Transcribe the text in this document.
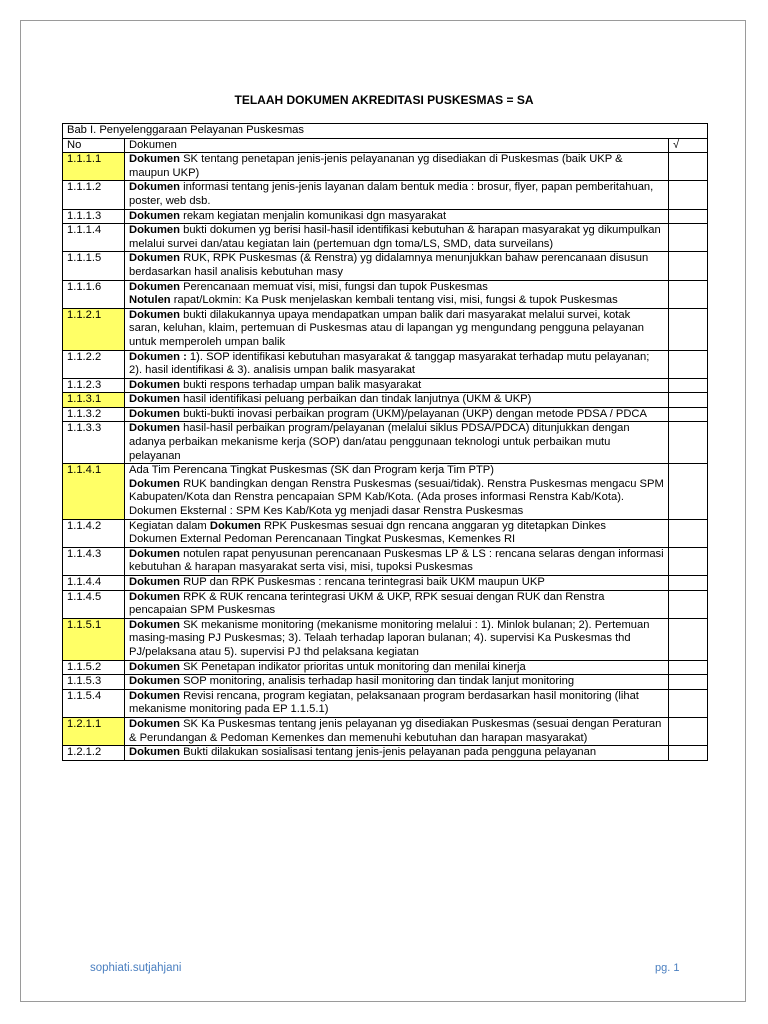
TELAAH DOKUMEN AKREDITASI PUSKESMAS = SA
Bab I. Penyelenggaraan Pelayanan Puskesmas		
No	Dokumen	√
1.1.1.1	Dokumen SK tentang penetapan jenis-jenis pelayananan yg disediakan di Puskesmas (baik UKP & maupun UKP)	

1.1.1.2	Dokumen informasi tentang jenis-jenis layanan dalam bentuk media : brosur, flyer, papan pemberitahuan, poster, web dsb.	

1.1.1.3	Dokumen rekam kegiatan menjalin komunikasi dgn masyarakat	

1.1.1.4	Dokumen bukti dokumen yg berisi hasil-hasil identifikasi kebutuhan & harapan masyarakat yg dikumpulkan melalui survei dan/atau kegiatan lain (pertemuan dgn toma/LS, SMD, data surveilans)	

1.1.1.5	Dokumen RUK, RPK Puskesmas (& Renstra) yg didalamnya menunjukkan bahaw perencanaan disusun berdasarkan hasil analisis kebutuhan masy	

1.1.1.6	Dokumen Perencanaan memuat visi, misi, fungsi dan tupok Puskesmas
Notulen rapat/Lokmin: Ka Pusk menjelaskan kembali tentang visi, misi, fungsi & tupok Puskesmas	

1.1.2.1	Dokumen bukti dilakukannya upaya mendapatkan umpan balik dari masyarakat melalui survei, kotak saran, keluhan, klaim, pertemuan di Puskesmas atau di lapangan yg mengundang pengguna pelayanan untuk memperoleh umpan balik	

1.1.2.2	Dokumen : 1). SOP identifikasi kebutuhan masyarakat & tanggap masyarakat terhadap mutu pelayanan; 2). hasil identifikasi & 3). analisis umpan balik masyarakat	

1.1.2.3	Dokumen bukti respons terhadap umpan balik masyarakat	

1.1.3.1	Dokumen hasil identifikasi peluang perbaikan dan tindak lanjutnya (UKM & UKP)	

1.1.3.2	Dokumen bukti-bukti inovasi perbaikan program (UKM)/pelayanan (UKP) dengan metode PDSA / PDCA	

1.1.3.3	Dokumen hasil-hasil perbaikan program/pelayanan (melalui siklus PDSA/PDCA) ditunjukkan dengan adanya perbaikan mekanisme kerja (SOP) dan/atau penggunaan teknologi untuk perbaikan mutu pelayanan	

1.1.4.1	Ada Tim Perencana Tingkat Puskesmas (SK dan Program kerja Tim PTP)
Dokumen RUK bandingkan dengan Renstra Puskesmas (sesuai/tidak). Renstra Puskesmas mengacu SPM Kabupaten/Kota dan Renstra pencapaian SPM Kab/Kota. (Ada proses informasi Renstra Kab/Kota).
Dokumen Eksternal : SPM Kes Kab/Kota yg menjadi dasar Renstra Puskesmas	

1.1.4.2	Kegiatan dalam Dokumen RPK Puskesmas sesuai dgn rencana anggaran yg ditetapkan Dinkes
Dokumen External Pedoman Perencanaan Tingkat Puskesmas, Kemenkes RI	

1.1.4.3	Dokumen notulen rapat penyusunan perencanaan Puskesmas LP & LS : rencana selaras dengan informasi kebutuhan & harapan masyarakat serta visi, misi, tupoksi Puskesmas	

1.1.4.4	Dokumen RUP dan RPK Puskesmas : rencana terintegrasi baik UKM maupun UKP	

1.1.4.5	Dokumen RPK & RUK rencana terintegrasi UKM & UKP, RPK sesuai dengan RUK dan Renstra pencapaian SPM Puskesmas	

1.1.5.1	Dokumen SK mekanisme monitoring (mekanisme monitoring melalui : 1). Minlok bulanan; 2). Pertemuan masing-masing PJ Puskesmas; 3). Telaah terhadap laporan bulanan; 4). supervisi Ka Puskesmas thd PJ/pelaksana atau 5). supervisi PJ thd pelaksana kegiatan	

1.1.5.2	Dokumen SK Penetapan indikator prioritas untuk monitoring dan menilai kinerja	

1.1.5.3	Dokumen SOP monitoring, analisis terhadap hasil monitoring dan tindak lanjut monitoring	

1.1.5.4	Dokumen Revisi rencana, program kegiatan, pelaksanaan program berdasarkan hasil monitoring (lihat mekanisme monitoring pada EP 1.1.5.1)	

1.2.1.1	Dokumen SK Ka Puskesmas tentang jenis pelayanan yg disediakan Puskesmas (sesuai dengan Peraturan & Perundangan & Pedoman Kemenkes dan memenuhi kebutuhan dan harapan masyarakat)	

1.2.1.2	Dokumen Bukti dilakukan sosialisasi tentang jenis-jenis pelayanan pada pengguna pelayanan	

sophiati.sutjahjani	pg. 1
